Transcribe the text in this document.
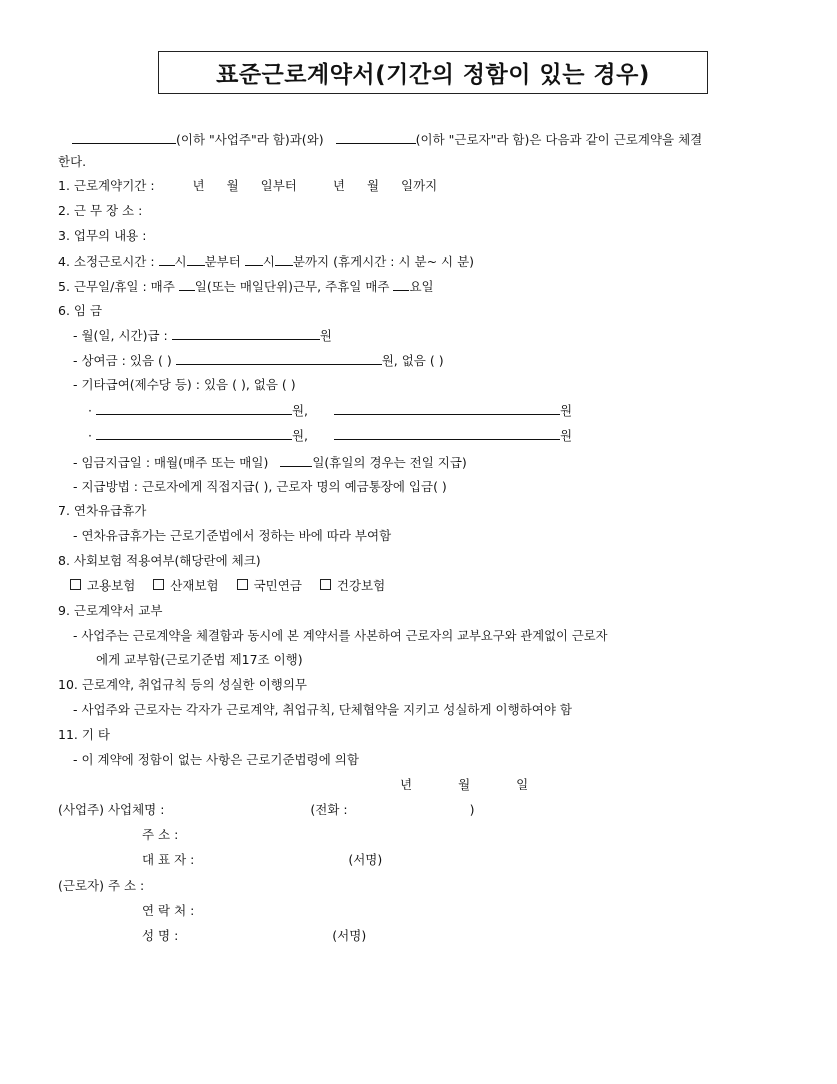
표준근로계약서(기간의 정함이 있는 경우)
(이하 "사업주"라 함)과(와)	(이하 "근로자"라 함)은 다음과 같이 근로계약을 체결
한다.
1. 근로계약기간 :	년 월 일부터	년 월 일까지
2. 근 무 장 소 :
3. 업무의 내용 :
4. 소정근로시간 : 시 분부터 시 분까지 (휴게시간 : 시 분~ 시 분)
5. 근무일/휴일 : 매주 일(또는 매일단위)근무, 주휴일 매주 요일
6. 임 금
- 월(일, 시간)급 :	원
- 상여금 : 있음 ( )	원, 없음 ( )
- 기타급여(제수당 등) : 있음 ( ), 없음 ( )
·	원,	원
·	원,	원
- 임금지급일 : 매월(매주 또는 매일)	일(휴일의 경우는 전일 지급)
- 지급방법 : 근로자에게 직접지급( ), 근로자 명의 예금통장에 입금( )
7. 연차유급휴가
- 연차유급휴가는 근로기준법에서 정하는 바에 따라 부여함
8. 사회보험 적용여부(해당란에 체크)
고용보험	산재보험	국민연금	건강보험
9. 근로계약서 교부
- 사업주는 근로계약을 체결함과 동시에 본 계약서를 사본하여 근로자의 교부요구와 관계없이 근로자
에게 교부함(근로기준법 제17조 이행)
10. 근로계약, 취업규칙 등의 성실한 이행의무
- 사업주와 근로자는 각자가 근로계약, 취업규칙, 단체협약을 지키고 성실하게 이행하여야 함
11. 기 타
- 이 계약에 정함이 없는 사항은 근로기준법령에 의함
년	월	일
(사업주) 사업체명 :	(전화 :	)
주 소 :
대 표 자 :	(서명)
(근로자) 주 소 :
연 락 처 :
성 명 :	(서명)
